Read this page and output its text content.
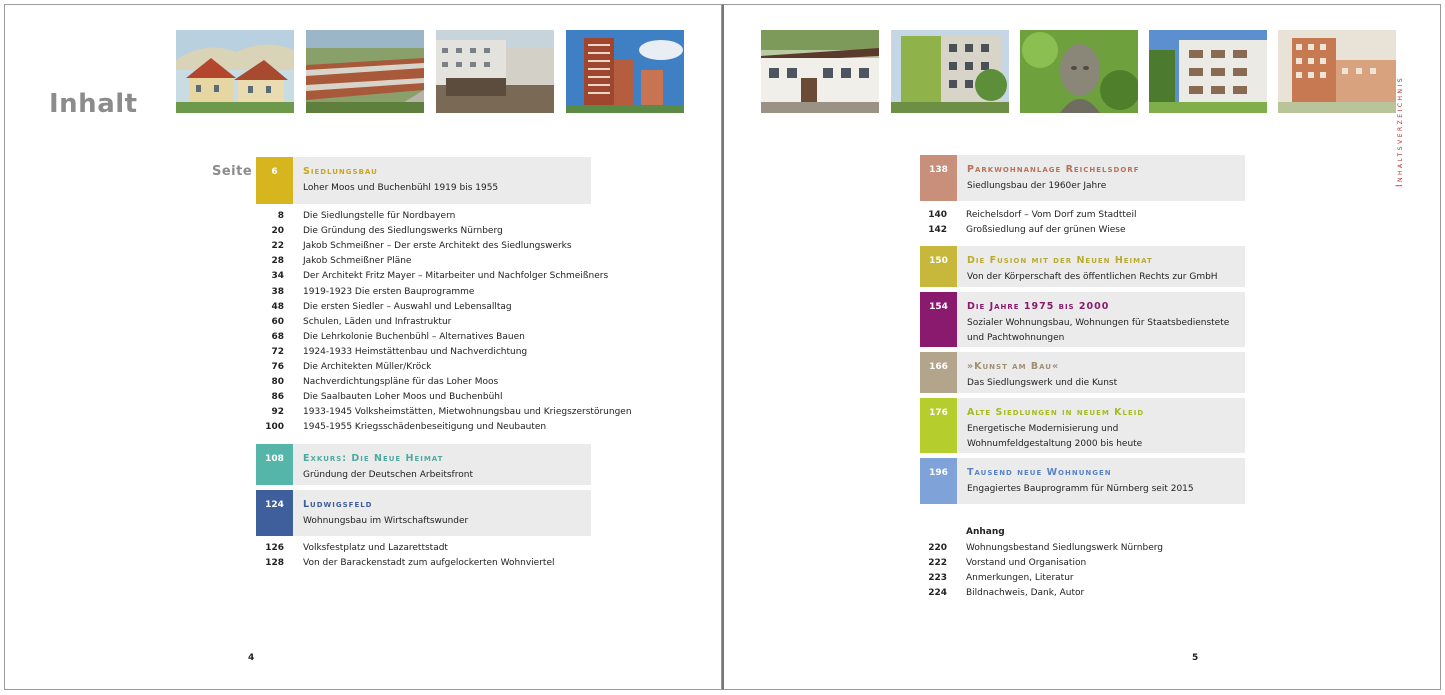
Inhalt
Seite	6	Siedlungsbau
Loher Moos und Buchenbühl 1919 bis 1955
8 Die Siedlungstelle für Nordbayern
20 Die Gründung des Siedlungswerks Nürnberg
22 Jakob Schmeißner – Der erste Architekt des Siedlungswerks
28 Jakob Schmeißner Pläne
34 Der Architekt Fritz Mayer – Mitarbeiter und Nachfolger Schmeißners
38 1919-1923 Die ersten Bauprogramme
48 Die ersten Siedler – Auswahl und Lebensalltag
60 Schulen, Läden und Infrastruktur
68 Die Lehrkolonie Buchenbühl – Alternatives Bauen
72 1924-1933 Heimstättenbau und Nachverdichtung
76 Die Architekten Müller/Kröck
80 Nachverdichtungspläne für das Loher Moos
86 Die Saalbauten Loher Moos und Buchenbühl
92 1933-1945 Volksheimstätten, Mietwohnungsbau und Kriegszerstörungen
100 1945-1955 Kriegsschädenbeseitigung und Neubauten
108	Exkurs: Die Neue Heimat
Gründung der Deutschen Arbeitsfront
124	Ludwigsfeld
Wohnungsbau im Wirtschaftswunder
126 Volksfestplatz und Lazarettstadt
128 Von der Barackenstadt zum aufgelockerten Wohnviertel
4
Inhaltsverzeichnis
138	Parkwohnanlage Reichelsdorf
Siedlungsbau der 1960er Jahre
140 Reichelsdorf – Vom Dorf zum Stadtteil
142 Großsiedlung auf der grünen Wiese
150	Die Fusion mit der Neuen Heimat
Von der Körperschaft des öffentlichen Rechts zur GmbH
154	Die Jahre 1975 bis 2000
Sozialer Wohnungsbau, Wohnungen für Staatsbedienstete
und Pachtwohnungen
166	»Kunst am Bau«
Das Siedlungswerk und die Kunst
176	Alte Siedlungen in neuem Kleid
Energetische Modernisierung und
Wohnumfeldgestaltung 2000 bis heute
196	Tausend neue Wohnungen
Engagiertes Bauprogramm für Nürnberg seit 2015
Anhang
220 Wohnungsbestand Siedlungswerk Nürnberg
222 Vorstand und Organisation
223 Anmerkungen, Literatur
224 Bildnachweis, Dank, Autor
5
